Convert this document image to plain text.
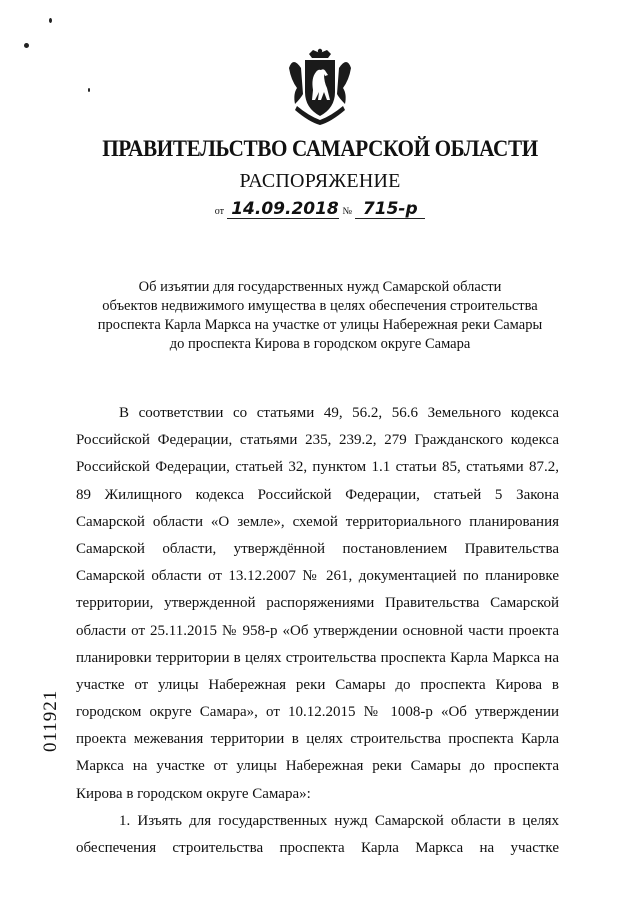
ПРАВИТЕЛЬСТВО САМАРСКОЙ ОБЛАСТИ
РАСПОРЯЖЕНИЕ
от 14.09.2018 № 715-р
Об изъятии для государственных нужд Самарской области
объектов недвижимого имущества в целях обеспечения строительства
проспекта Карла Маркса на участке от улицы Набережная реки Самары
до проспекта Кирова в городском округе Самара
В соответствии со статьями 49, 56.2, 56.6 Земельного кодекса
Российской Федерации, статьями 235, 239.2, 279 Гражданского кодекса
Российской Федерации, статьей 32, пунктом 1.1 статьи 85, статьями 87.2,
89 Жилищного кодекса Российской Федерации, статьей 5 Закона
Самарской области «О земле», схемой территориального планирования
Самарской области, утверждённой постановлением Правительства
Самарской области от 13.12.2007 № 261, документацией по планировке
территории, утвержденной распоряжениями Правительства Самарской
области от 25.11.2015 № 958-р «Об утверждении основной части проекта
планировки территории в целях строительства проспекта Карла Маркса на
участке от улицы Набережная реки Самары до проспекта Кирова в
городском округе Самара», от 10.12.2015 № 1008-р «Об утверждении
проекта межевания территории в целях строительства проспекта Карла
Маркса на участке от улицы Набережная реки Самары до проспекта
Кирова в городском округе Самара»:
1. Изъять для государственных нужд Самарской области в целях
обеспечения строительства проспекта Карла Маркса на участке
011921
